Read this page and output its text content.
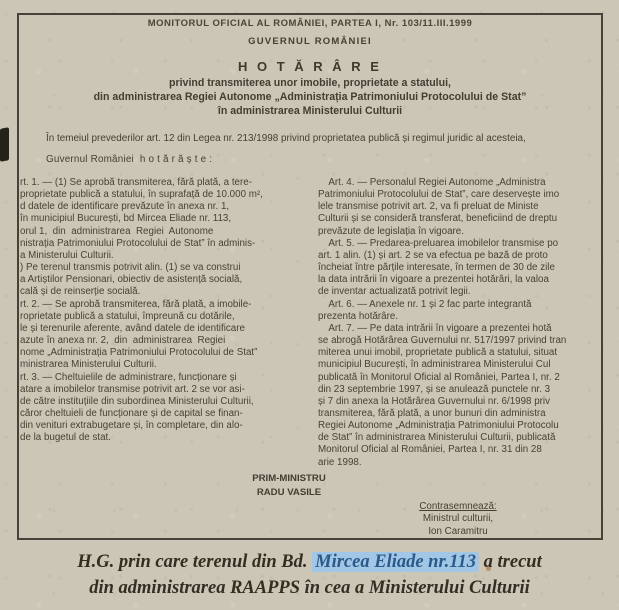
MONITORUL OFICIAL AL ROMÂNIEI, PARTEA I, Nr. 103/11.III.1999
GUVERNUL ROMÂNIEI
H O T Ă R Â R E
privind transmiterea unor imobile, proprietate a statului,
din administrarea Regiei Autonome „Administrația Patrimoniului Protocolului de Stat”
în administrarea Ministerului Culturii
În temeiul prevederilor art. 12 din Legea nr. 213/1998 privind proprietatea publică și regimul juridic al acesteia,
Guvernul României  h o t ă r ă ș t e :
rt. 1. — (1) Se aprobă transmiterea, fără plată, a tere-
proprietate publică a statului, în suprafață de 10.000 m²,
d datele de identificare prevăzute în anexa nr. 1,
în municipiul București, bd Mircea Eliade nr. 113,
orul 1,  din  administrarea  Regiei  Autonome
nistrația Patrimoniului Protocolului de Stat” în adminis-
a Ministerului Culturii.
) Pe terenul transmis potrivit alin. (1) se va construi
a Artiștilor Pensionari, obiectiv de asistență socială,
cală și de reinserție socială.
rt. 2. — Se aprobă transmiterea, fără plată, a imobile-
roprietate publică a statului, împreună cu dotările,
le și terenurile aferente, având datele de identificare
azute în anexa nr. 2,  din  administrarea  Regiei
nome „Administrația Patrimoniului Protocolului de Stat”
ministrarea Ministerului Culturii.
rt. 3. — Cheltuielile de administrare, funcționare și
atare a imobilelor transmise potrivit art. 2 se vor asi-
de către instituțiile din subordinea Ministerului Culturii,
căror cheltuieli de funcționare și de capital se finan-
din venituri extrabugetare și, în completare, din alo-
de la bugetul de stat.
Art. 4. — Personalul Regiei Autonome „Administra
Patrimoniului Protocolului de Stat”, care deservește imo
lele transmise potrivit art. 2, va fi preluat de Ministe
Culturii și se consideră transferat, beneficiind de dreptu
prevăzute de legislația în vigoare.
Art. 5. — Predarea-preluarea imobilelor transmise po
art. 1 alin. (1) și art. 2 se va efectua pe bază de proto
încheiat între părțile interesate, în termen de 30 de zile
la data intrării în vigoare a prezentei hotărâri, la valoa
de inventar actualizată potrivit legii.
Art. 6. — Anexele nr. 1 și 2 fac parte integrantă
prezenta hotărâre.
Art. 7. — Pe data intrării în vigoare a prezentei hotă
se abrogă Hotărârea Guvernului nr. 517/1997 privind tran
miterea unui imobil, proprietate publică a statului, situat
municipiul București, în administrarea Ministerului Cul
publicată în Monitorul Oficial al României, Partea I, nr. 2
din 23 septembrie 1997, și se anulează punctele nr. 3
și 7 din anexa la Hotărârea Guvernului nr. 6/1998 priv
transmiterea, fără plată, a unor bunuri din administra
Regiei Autonome „Administrația Patrimoniului Protocolu
de Stat” în administrarea Ministerului Culturii, publicată
Monitorul Oficial al României, Partea I, nr. 31 din 28
arie 1998.
PRIM-MINISTRU
RADU VASILE
Contrasemnează:
Ministrul culturii,
Ion Caramitru
H.G. prin care terenul din Bd. Mircea Eliade nr.113 a trecut
din administrarea RAAPPS în cea a Ministerului Culturii
